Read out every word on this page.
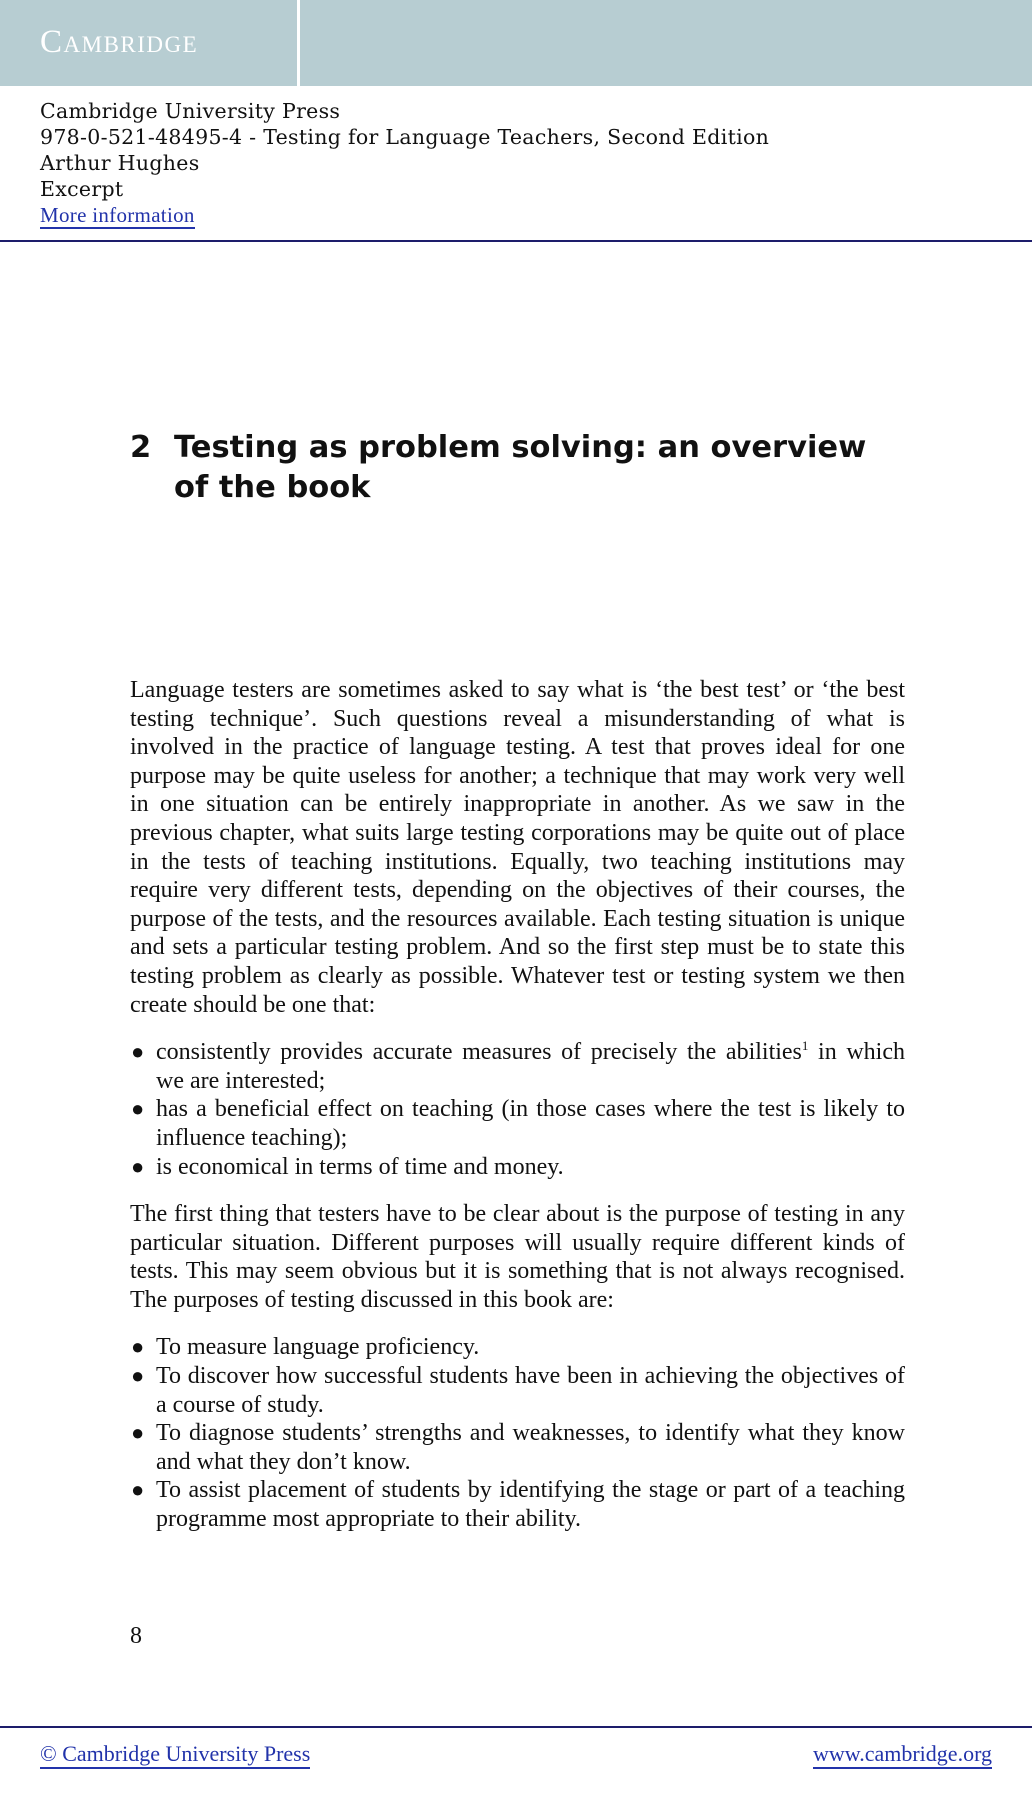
Cambridge
Cambridge University Press
978-0-521-48495-4 - Testing for Language Teachers, Second Edition
Arthur Hughes
Excerpt
More information
2 Testing as problem solving: an overview of the book

Language testers are sometimes asked to say what is ‘the best test’ or ‘the best testing technique’. Such questions reveal a misunderstanding of what is involved in the practice of language testing. A test that proves ideal for one purpose may be quite useless for another; a technique that may work very well in one situation can be entirely inappropriate in another. As we saw in the previous chapter, what suits large testing corporations may be quite out of place in the tests of teaching institutions. Equally, two teaching institutions may require very different tests, depending on the objectives of their courses, the purpose of the tests, and the resources available. Each testing situation is unique and sets a particular testing problem. And so the first step must be to state this testing problem as clearly as possible. Whatever test or testing system we then create should be one that:

● consistently provides accurate measures of precisely the abilities$^1$ in which we are interested;
● has a beneficial effect on teaching (in those cases where the test is likely to influence teaching);
● is economical in terms of time and money.

The first thing that testers have to be clear about is the purpose of testing in any particular situation. Different purposes will usually require different kinds of tests. This may seem obvious but it is something that is not always recognised. The purposes of testing discussed in this book are:

● To measure language proficiency.
● To discover how successful students have been in achieving the objectives of a course of study.
● To diagnose students’ strengths and weaknesses, to identify what they know and what they don’t know.
● To assist placement of students by identifying the stage or part of a teaching programme most appropriate to their ability.
8
© Cambridge University Press	www.cambridge.org
